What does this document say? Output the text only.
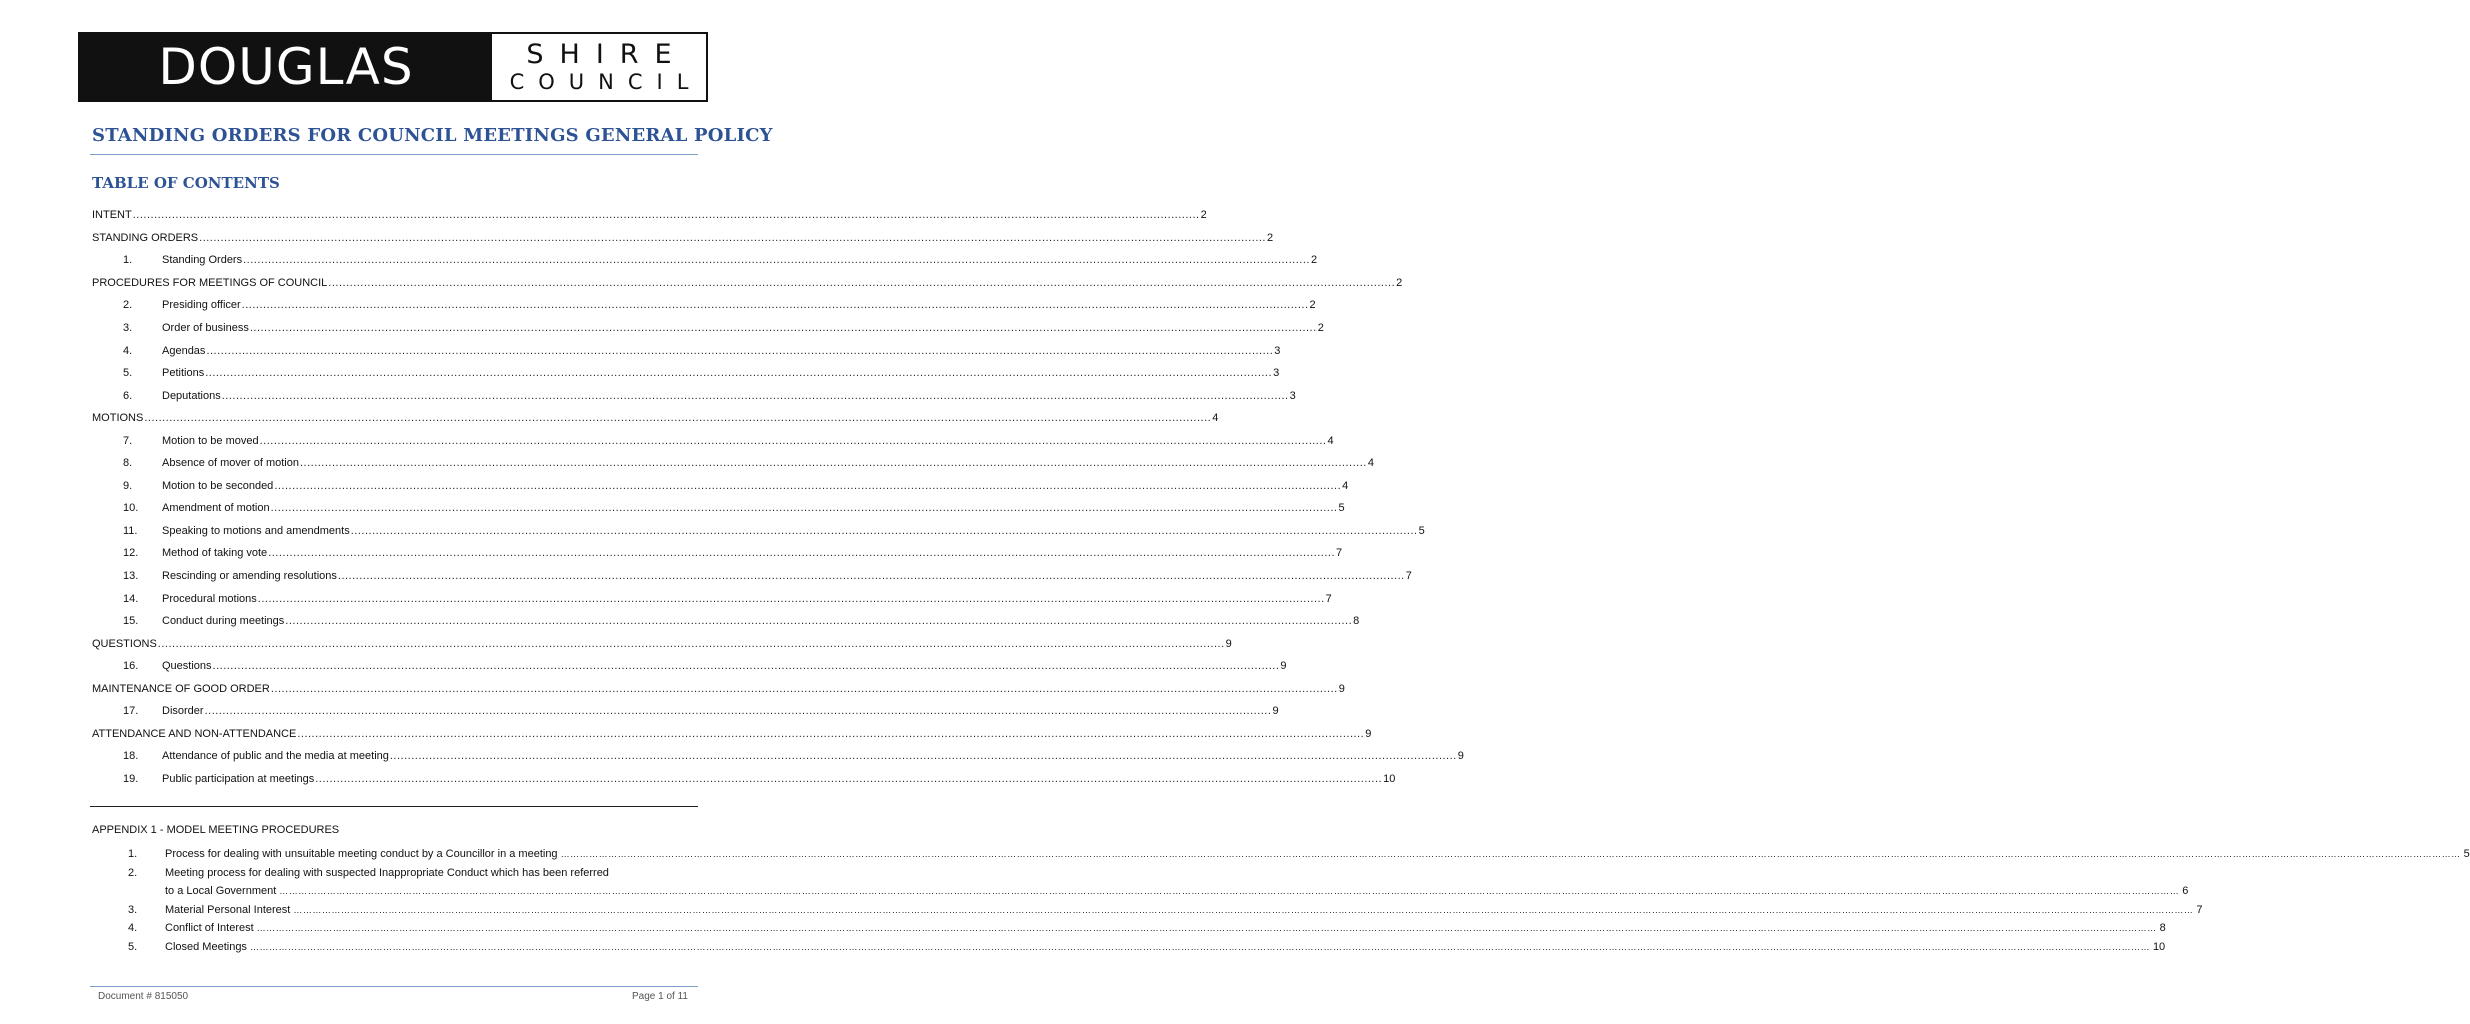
DOUGLAS	SHIRE
COUNCIL
STANDING ORDERS FOR COUNCIL MEETINGS GENERAL POLICY
TABLE OF CONTENTS
INTENT ............................................................................................................................................................................................................................................................................................................ 2
STANDING ORDERS ............................................................................................................................................................................................................................................................................................................ 2
1.	Standing Orders ............................................................................................................................................................................................................................................................................................................ 2
PROCEDURES FOR MEETINGS OF COUNCIL ............................................................................................................................................................................................................................................................................................................ 2
2.	Presiding officer ............................................................................................................................................................................................................................................................................................................ 2
3.	Order of business ............................................................................................................................................................................................................................................................................................................ 2
4.	Agendas ............................................................................................................................................................................................................................................................................................................ 3
5.	Petitions ............................................................................................................................................................................................................................................................................................................ 3
6.	Deputations ............................................................................................................................................................................................................................................................................................................ 3
MOTIONS ............................................................................................................................................................................................................................................................................................................ 4
7.	Motion to be moved ............................................................................................................................................................................................................................................................................................................ 4
8.	Absence of mover of motion ............................................................................................................................................................................................................................................................................................................ 4
9.	Motion to be seconded ............................................................................................................................................................................................................................................................................................................ 4
10.	Amendment of motion ............................................................................................................................................................................................................................................................................................................ 5
11.	Speaking to motions and amendments ............................................................................................................................................................................................................................................................................................................ 5
12.	Method of taking vote ............................................................................................................................................................................................................................................................................................................ 7
13.	Rescinding or amending resolutions ............................................................................................................................................................................................................................................................................................................ 7
14.	Procedural motions ............................................................................................................................................................................................................................................................................................................ 7
15.	Conduct during meetings ............................................................................................................................................................................................................................................................................................................ 8
QUESTIONS ............................................................................................................................................................................................................................................................................................................ 9
16.	Questions ............................................................................................................................................................................................................................................................................................................ 9
MAINTENANCE OF GOOD ORDER ............................................................................................................................................................................................................................................................................................................ 9
17.	Disorder ............................................................................................................................................................................................................................................................................................................ 9
ATTENDANCE AND NON-ATTENDANCE ............................................................................................................................................................................................................................................................................................................ 9
18.	Attendance of public and the media at meeting ............................................................................................................................................................................................................................................................................................................ 9
19.	Public participation at meetings ............................................................................................................................................................................................................................................................................................................ 10
APPENDIX 1 - MODEL MEETING PROCEDURES
1.	Process for dealing with unsuitable meeting conduct by a Councillor in a meeting …………………………………………………………………………………………………………………………………………………………………………………………………………………………………………………………………………………………………………………………………………………………………………………………………………………………………………………………………………………………………………………………………………………… 5
2.	Meeting process for dealing with suspected Inappropriate Conduct which has been referred
to a Local Government …………………………………………………………………………………………………………………………………………………………………………………………………………………………………………………………………………………………………………………………………………………………………………………………………………………………………………………………………………………………………………………………………………………… 6
3.	Material Personal Interest …………………………………………………………………………………………………………………………………………………………………………………………………………………………………………………………………………………………………………………………………………………………………………………………………………………………………………………………………………………………………………………………………………………… 7
4.	Conflict of Interest …………………………………………………………………………………………………………………………………………………………………………………………………………………………………………………………………………………………………………………………………………………………………………………………………………………………………………………………………………………………………………………………………………………… 8
5.	Closed Meetings …………………………………………………………………………………………………………………………………………………………………………………………………………………………………………………………………………………………………………………………………………………………………………………………………………………………………………………………………………………………………………………………………………………… 10
Document # 815050	Page 1 of 11
